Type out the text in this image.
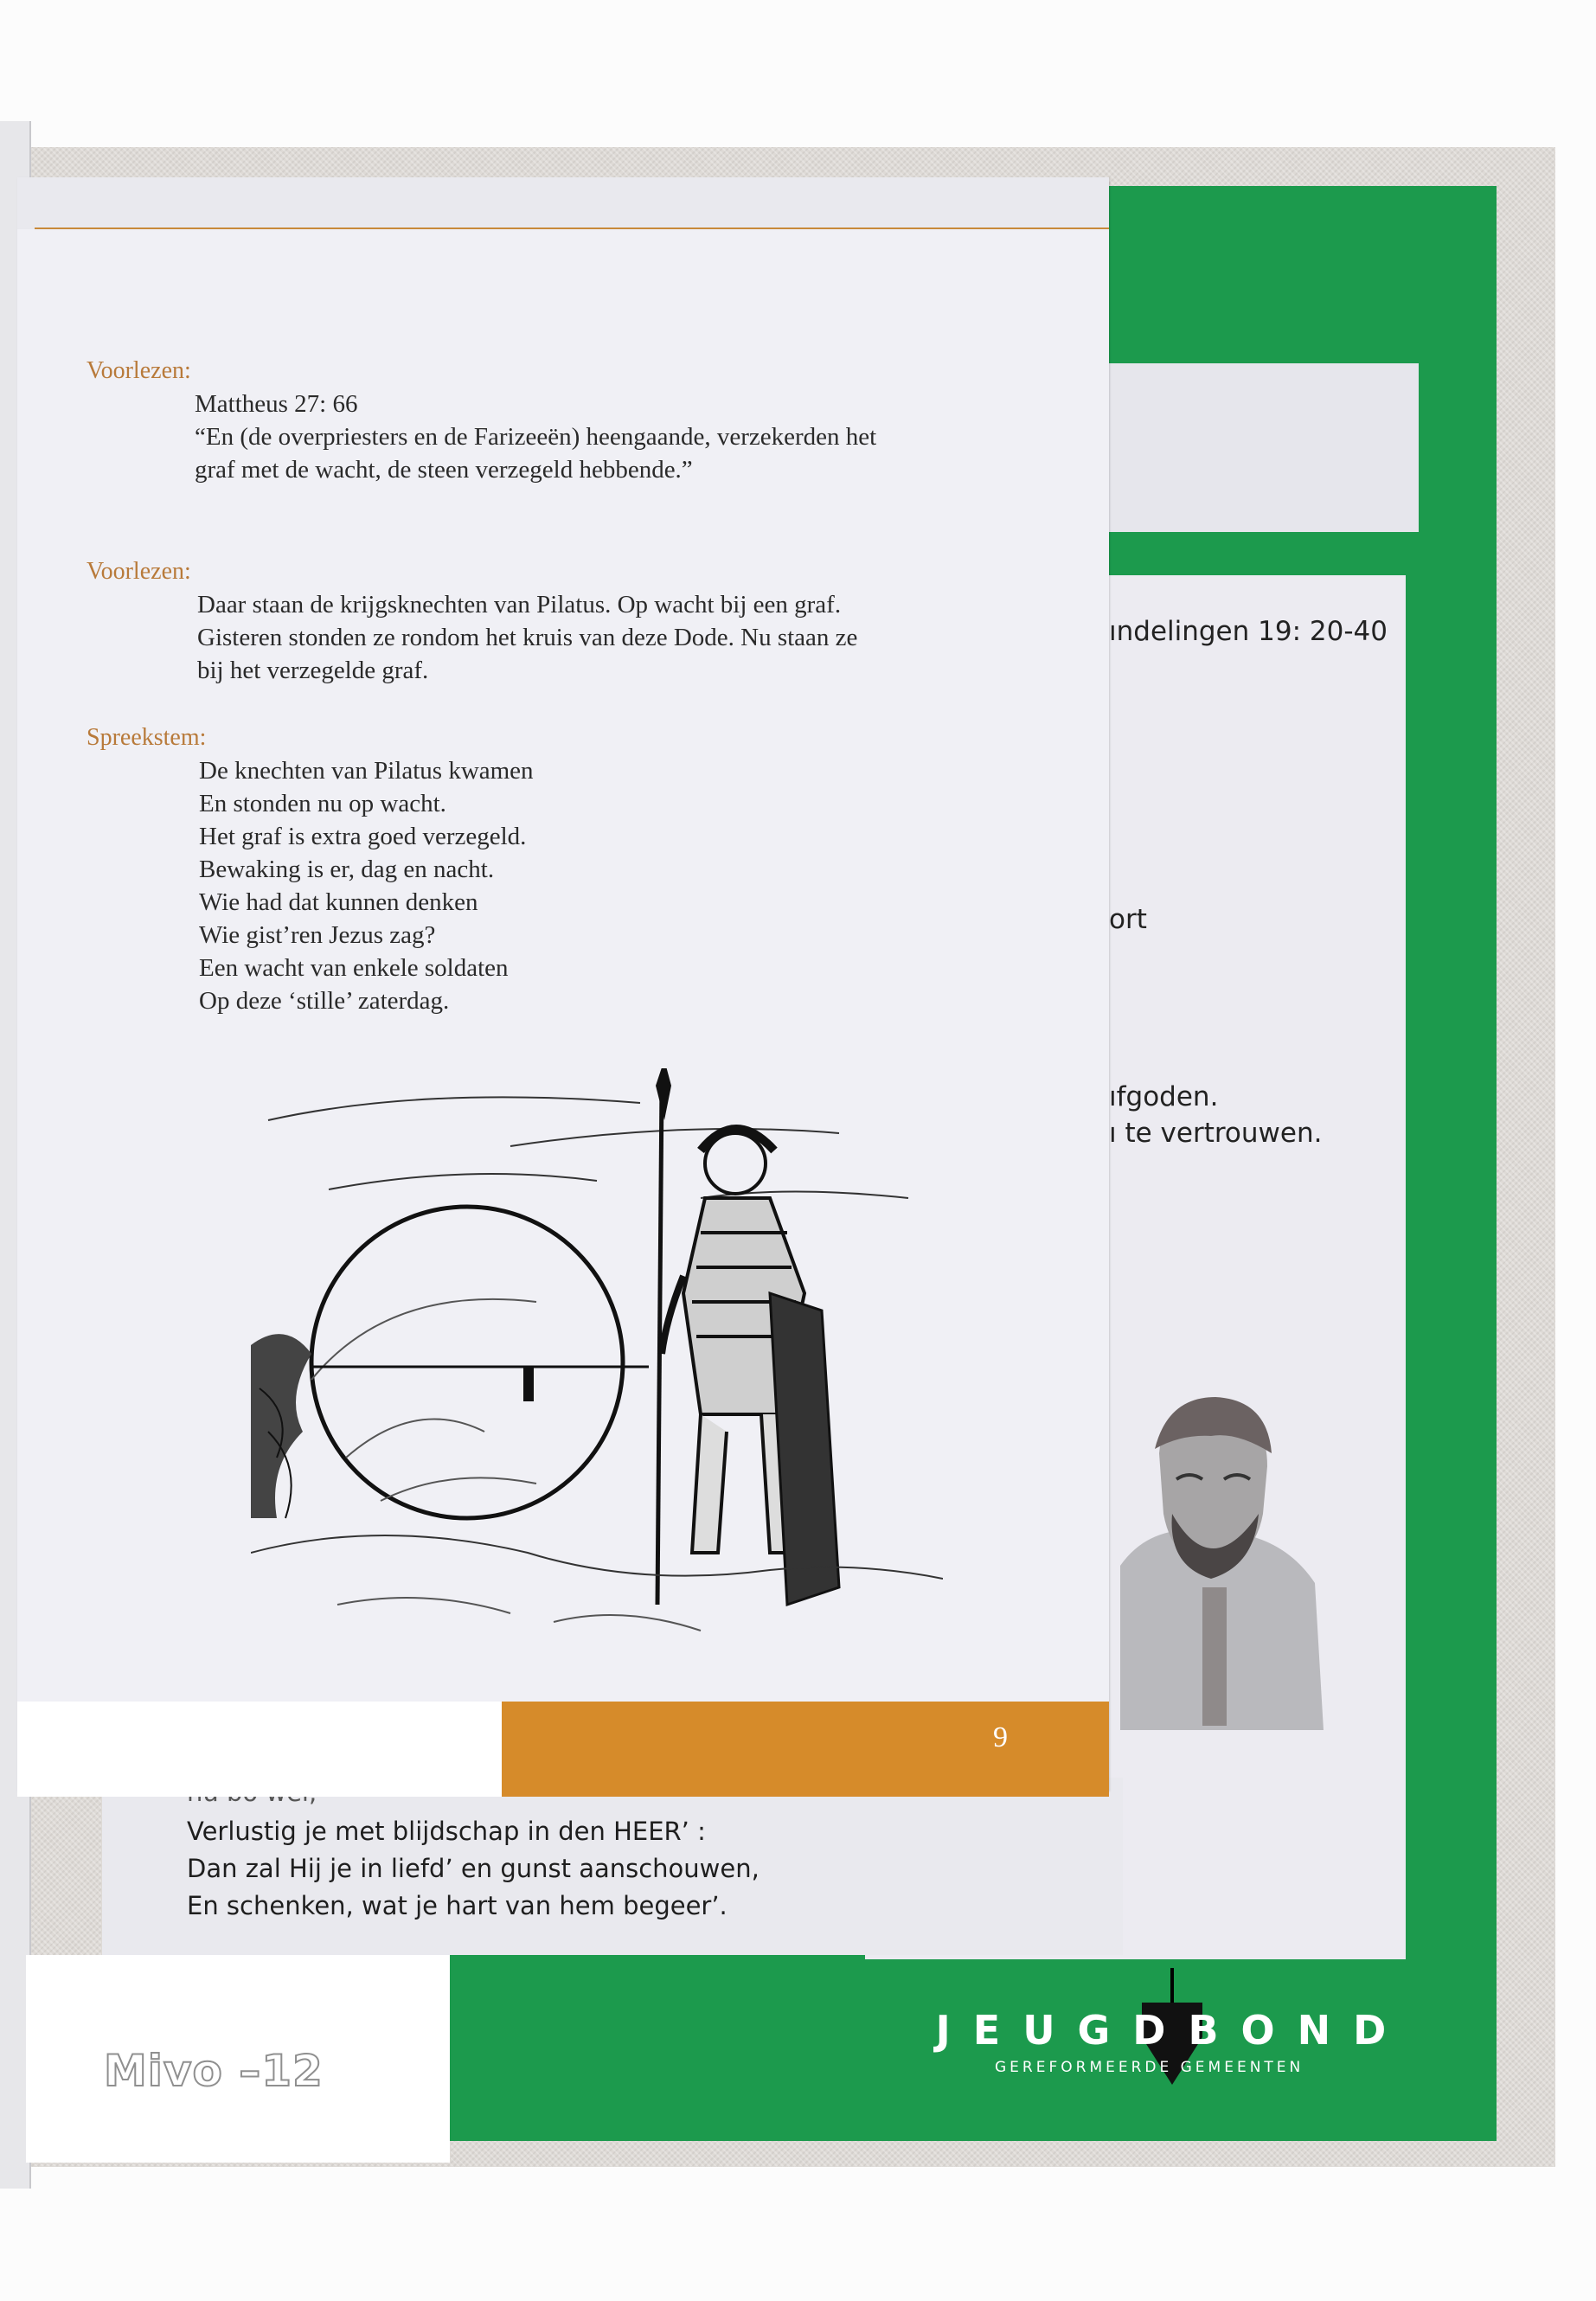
ındelingen 19: 20-40
ort
ıfgoden.
ı te vertrouwen.
Verlustig je met blijdschap in den HEER’ :
Dan zal Hij je in liefd’ en gunst aanschouwen,
En schenken, wat je hart van hem begeer’.
Mivo –12
JEUGDBOND
GEREFORMEERDE GEMEENTEN
Voorlezen:
Mattheus 27: 66
“En (de overpriesters en de Farizeeën) heengaande, verzekerden het
graf met de wacht, de steen verzegeld hebbende.”
Voorlezen:
Daar staan de krijgsknechten van Pilatus. Op wacht bij een graf.
Gisteren stonden ze rondom het kruis van deze Dode. Nu staan ze
bij het verzegelde graf.
Spreekstem:
De knechten van Pilatus kwamen
En stonden nu op wacht.
Het graf is extra goed verzegeld.
Bewaking is er, dag en nacht.
Wie had dat kunnen denken
Wie gist’ren Jezus zag?
Een wacht van enkele soldaten
Op deze ‘stille’ zaterdag.
9
